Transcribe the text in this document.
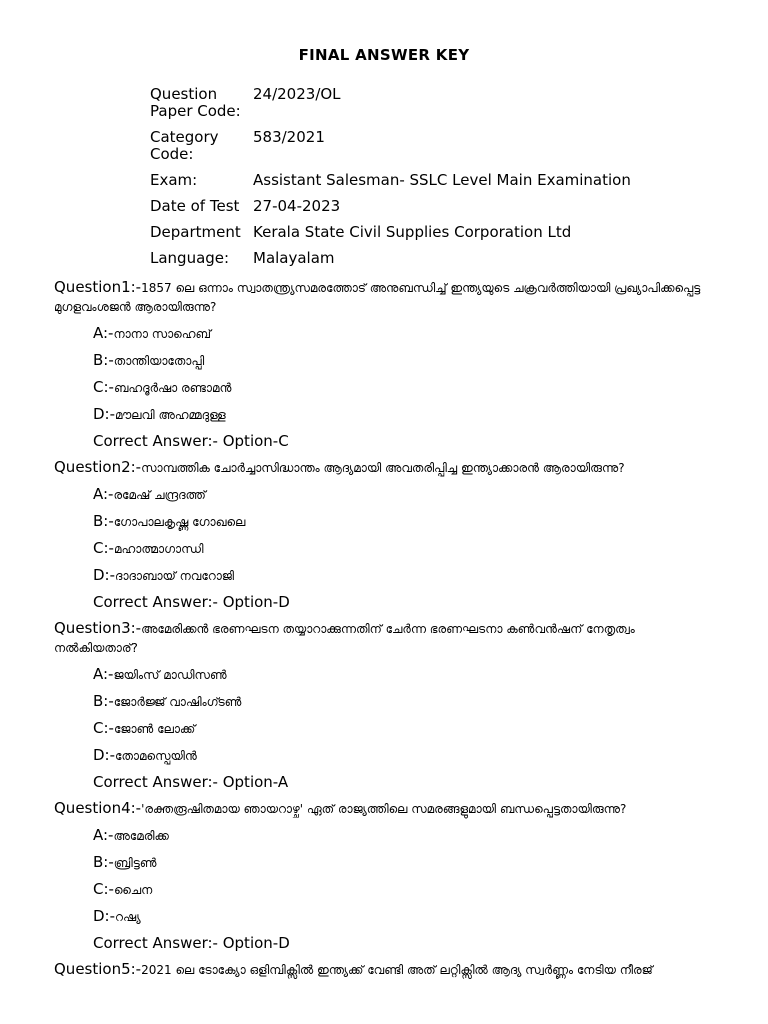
FINAL ANSWER KEY
Question
Paper Code:	24/2023/OL
Category
Code:	583/2021
Exam:	Assistant Salesman- SSLC Level Main Examination
Date of Test	27-04-2023
Department	Kerala State Civil Supplies Corporation Ltd
Language:	Malayalam
Question1:-1857 ലെ ഒന്നാം സ്വാതന്ത്ര്യസമരത്തോട് അനുബന്ധിച്ച് ഇന്ത്യയുടെ ചക്രവർത്തിയായി പ്രഖ്യാപിക്കപ്പെട്ട മുഗളവംശജൻ ആരായിരുന്നു?
A:-നാനാ സാഹെബ്
B:-താന്തിയാതോപ്പി
C:-ബഹദൂർഷാ രണ്ടാമൻ
D:-മൗലവി അഹമ്മദുള്ള
Correct Answer:- Option-C
Question2:-സാമ്പത്തിക ചോർച്ചാസിദ്ധാന്തം ആദ്യമായി അവതരിപ്പിച്ച ഇന്ത്യാക്കാരൻ ആരായിരുന്നു?
A:-രമേഷ് ചന്ദ്രദത്ത്
B:-ഗോപാലകൃഷ്ണ ഗോഖലെ
C:-മഹാത്മാഗാന്ധി
D:-ദാദാബായ് നവറോജി
Correct Answer:- Option-D
Question3:-അമേരിക്കൻ ഭരണഘടന തയ്യാറാക്കുന്നതിന് ചേർന്ന ഭരണഘടനാ കൺവൻഷന് നേതൃത്വം നൽകിയതാര്?
A:-ജയിംസ് മാഡിസൺ
B:-ജോർജ്ജ് വാഷിംഗ്ടൺ
C:-ജോൺ ലോക്ക്
D:-തോമസ്പെയിൻ
Correct Answer:- Option-A
Question4:-'രക്തരൂഷിതമായ ഞായറാഴ്ച' ഏത് രാജ്യത്തിലെ സമരങ്ങളുമായി ബന്ധപ്പെട്ടതായിരുന്നു?
A:-അമേരിക്ക
B:-ബ്രിട്ടൺ
C:-ചൈന
D:-റഷ്യ
Correct Answer:- Option-D
Question5:-2021 ലെ ടോക്യോ ഒളിമ്പിക്സിൽ ഇന്ത്യക്ക് വേണ്ടി അത് ലറ്റിക്സിൽ ആദ്യ സ്വർണ്ണം നേടിയ നീരജ്
